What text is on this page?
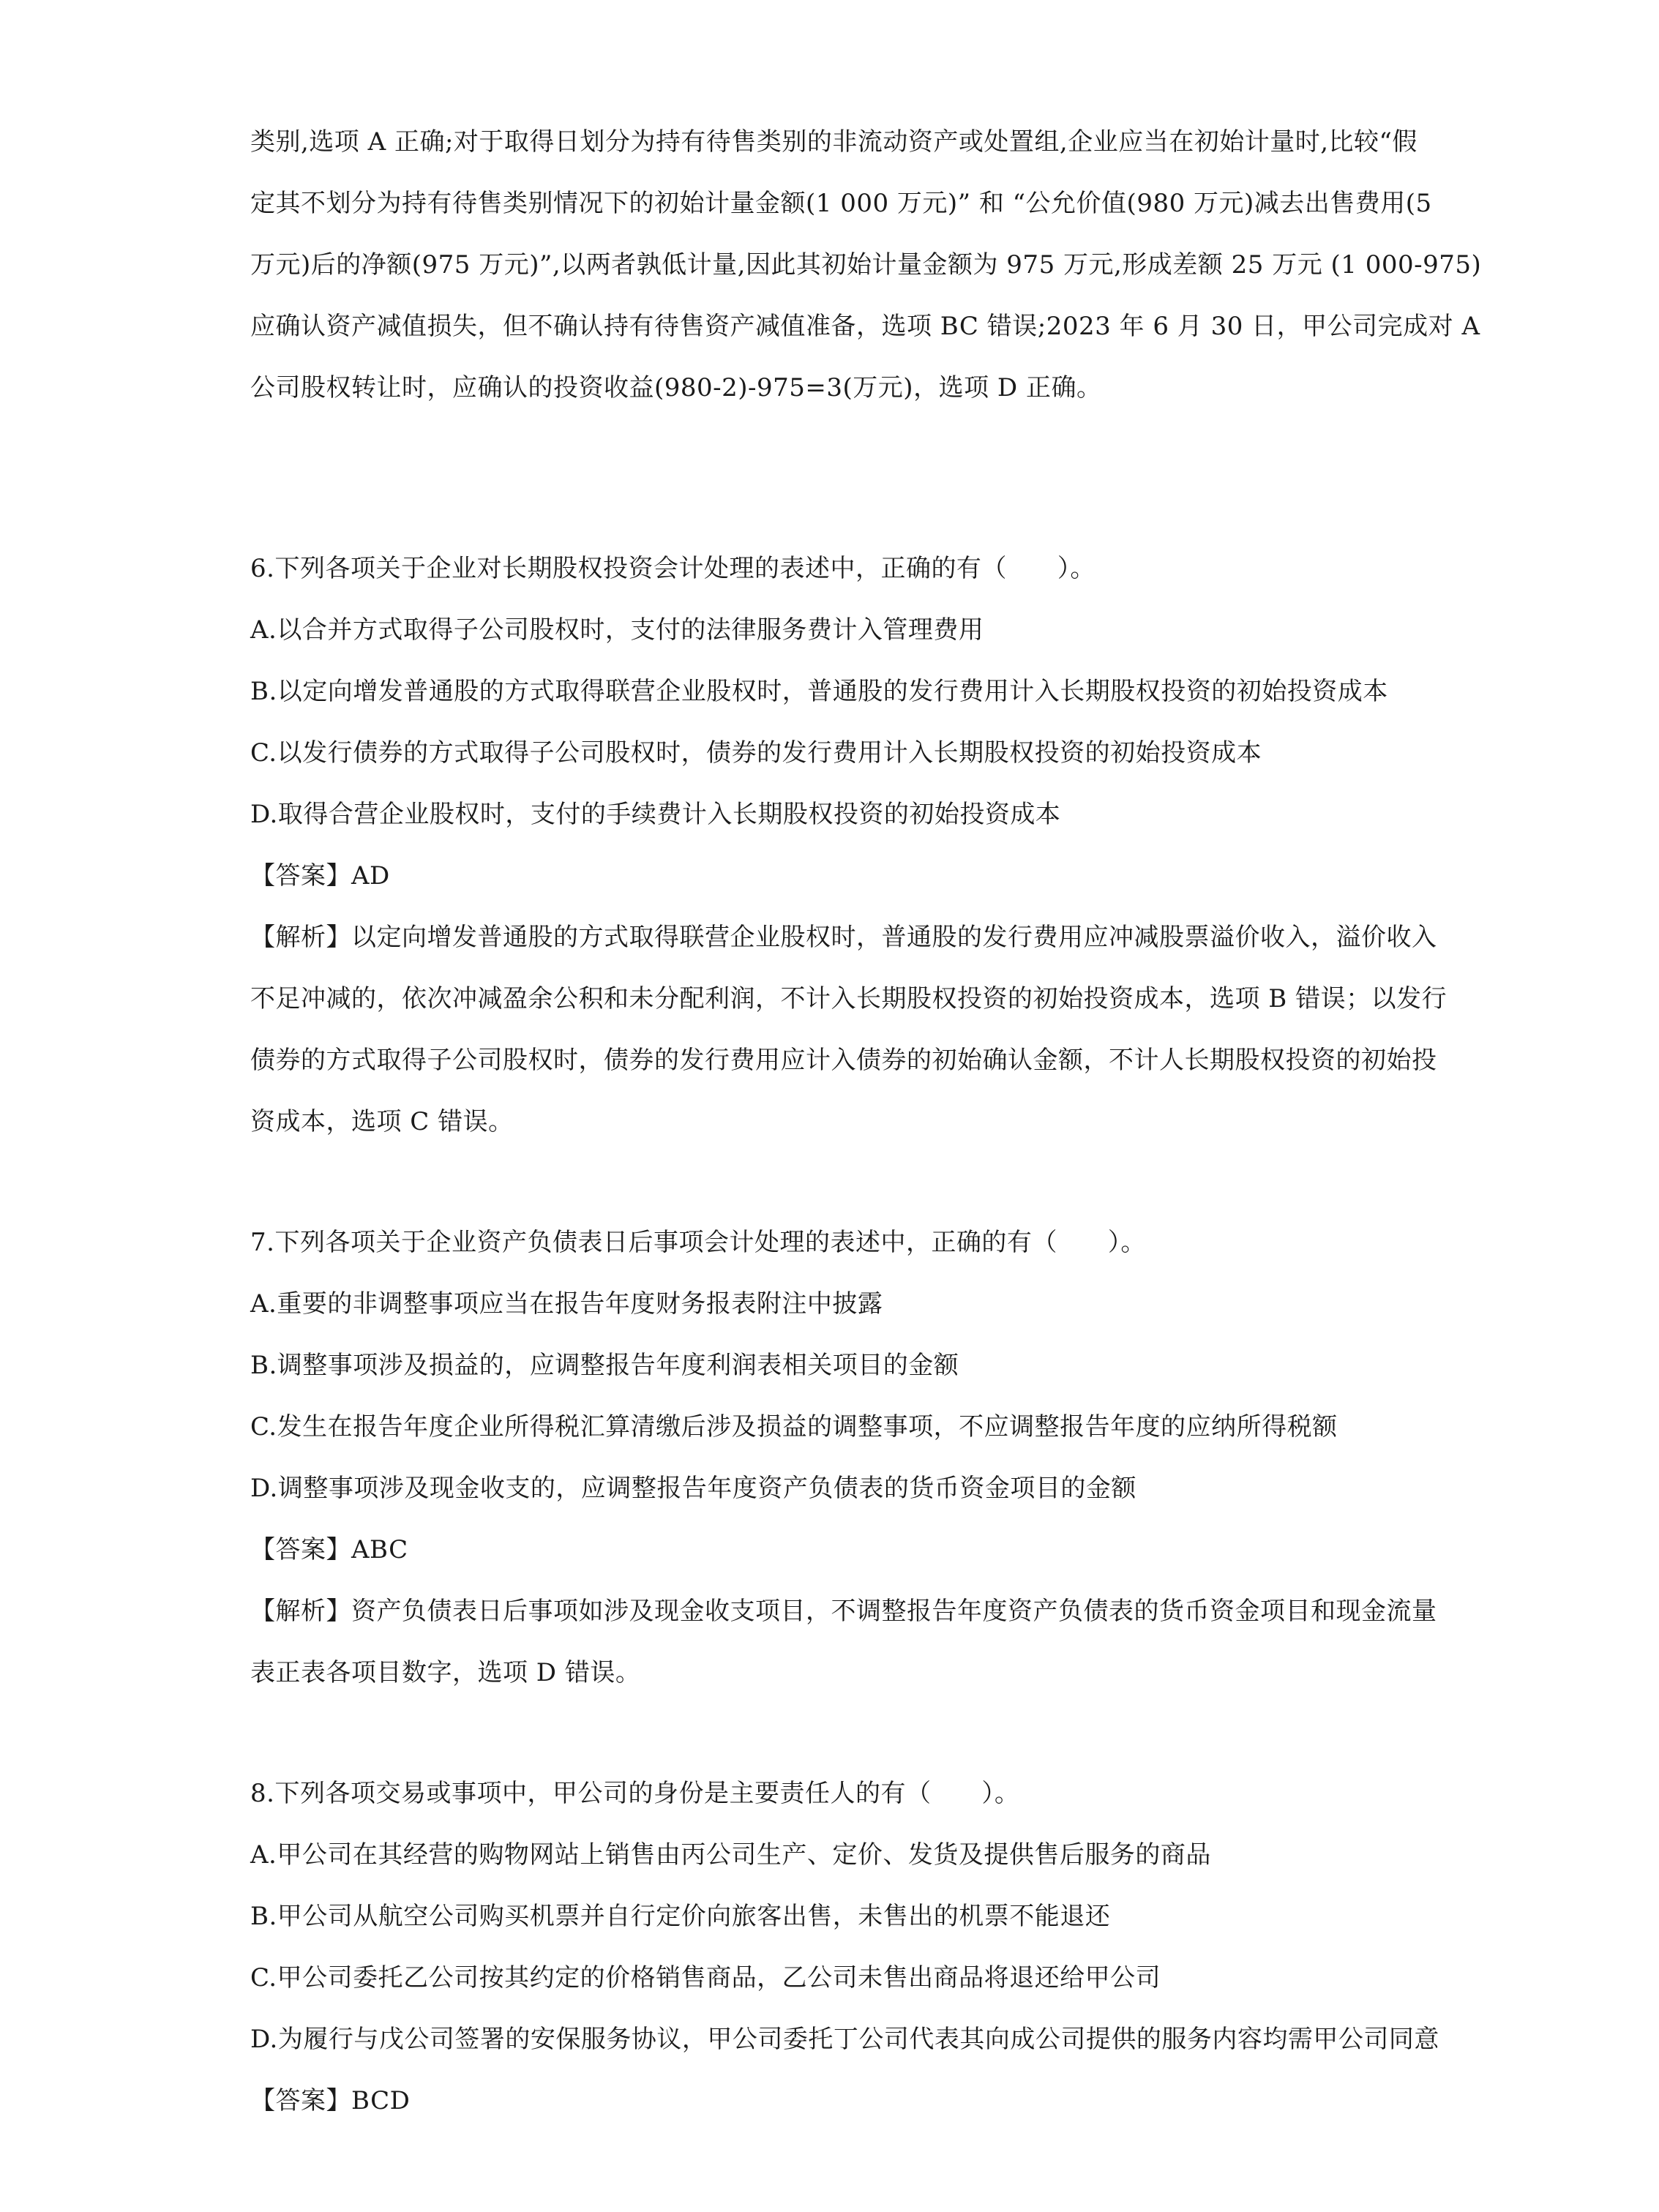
类别,选项 A 正确;对于取得日划分为持有待售类别的非流动资产或处置组,企业应当在初始计量时,比较“假
定其不划分为持有待售类别情况下的初始计量金额(1 000 万元)” 和 “公允价值(980 万元)减去出售费用(5
万元)后的净额(975 万元)”,以两者孰低计量,因此其初始计量金额为 975 万元,形成差额 25 万元 (1 000-975)
应确认资产减值损失，但不确认持有待售资产减值准备，选项 BC 错误;2023 年 6 月 30 日，甲公司完成对 A
公司股权转让时，应确认的投资收益(980-2)-975=3(万元)，选项 D 正确。
6.下列各项关于企业对长期股权投资会计处理的表述中，正确的有（　　）。
A.以合并方式取得子公司股权时，支付的法律服务费计入管理费用
B.以定向增发普通股的方式取得联营企业股权时，普通股的发行费用计入长期股权投资的初始投资成本
C.以发行债券的方式取得子公司股权时，债券的发行费用计入长期股权投资的初始投资成本
D.取得合营企业股权时，支付的手续费计入长期股权投资的初始投资成本
【答案】AD
【解析】以定向增发普通股的方式取得联营企业股权时，普通股的发行费用应冲减股票溢价收入，溢价收入
不足冲减的，依次冲减盈余公积和未分配利润，不计入长期股权投资的初始投资成本，选项 B 错误；以发行
债券的方式取得子公司股权时，债券的发行费用应计入债券的初始确认金额，不计人长期股权投资的初始投
资成本，选项 C 错误。
7.下列各项关于企业资产负债表日后事项会计处理的表述中，正确的有（　　）。
A.重要的非调整事项应当在报告年度财务报表附注中披露
B.调整事项涉及损益的，应调整报告年度利润表相关项目的金额
C.发生在报告年度企业所得税汇算清缴后涉及损益的调整事项，不应调整报告年度的应纳所得税额
D.调整事项涉及现金收支的，应调整报告年度资产负债表的货币资金项目的金额
【答案】ABC
【解析】资产负债表日后事项如涉及现金收支项目，不调整报告年度资产负债表的货币资金项目和现金流量
表正表各项目数字，选项 D 错误。
8.下列各项交易或事项中，甲公司的身份是主要责任人的有（　　）。
A.甲公司在其经营的购物网站上销售由丙公司生产、定价、发货及提供售后服务的商品
B.甲公司从航空公司购买机票并自行定价向旅客出售，未售出的机票不能退还
C.甲公司委托乙公司按其约定的价格销售商品，乙公司未售出商品将退还给甲公司
D.为履行与戊公司签署的安保服务协议，甲公司委托丁公司代表其向成公司提供的服务内容均需甲公司同意
【答案】BCD
